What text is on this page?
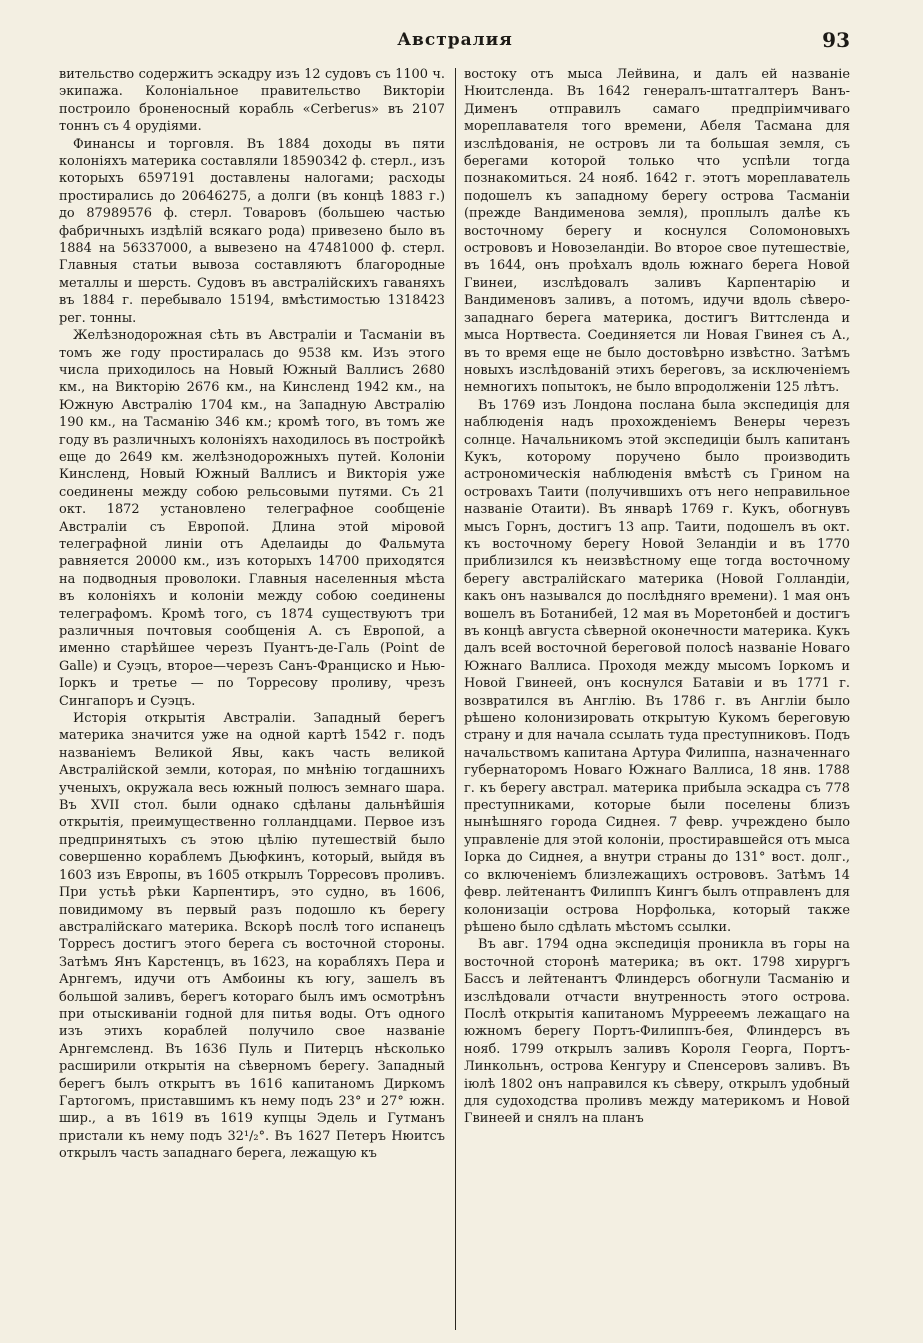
Австралия	93

вительство содержитъ эскадру изъ 12 судовъ съ 1100 ч. экипажа. Колоніальное правительство Викторіи построило броненосный корабль «Cerberus» въ 2107 тоннъ съ 4 орудіями.

Финансы и торговля. Въ 1884 доходы въ пяти колоніяхъ материка составляли 18590342 ф. стерл., изъ которыхъ 6597191 доставлены налогами; расходы простирались до 20646275, а долги (въ концѣ 1883 г.) до 87989576 ф. стерл. Товаровъ (большею частью фабричныхъ издѣлій всякаго рода) привезено было въ 1884 на 56337000, а вывезено на 47481000 ф. стерл. Главныя статьи вывоза составляютъ благородные металлы и шерсть. Судовъ въ австралійскихъ гаваняхъ въ 1884 г. перебывало 15194, вмѣстимостью 1318423 рег. тонны.

Желѣзнодорожная сѣть въ Австраліи и Тасманіи въ томъ же году простиралась до 9538 км. Изъ этого числа приходилось на Новый Южный Валлисъ 2680 км., на Викторію 2676 км., на Кинсленд 1942 км., на Южную Австралію 1704 км., на Западную Австралію 190 км., на Тасманію 346 км.; кромѣ того, въ томъ же году въ различныхъ колоніяхъ находилось въ постройкѣ еще до 2649 км. желѣзнодорожныхъ путей. Колоніи Кинсленд, Новый Южный Валлисъ и Викторія уже соединены между собою рельсовыми путями. Съ 21 окт. 1872 установлено телеграфное сообщеніе Австраліи съ Европой. Длина этой міровой телеграфной линіи отъ Аделаиды до Фальмута равняется 20000 км., изъ которыхъ 14700 приходятся на подводныя проволоки. Главныя населенныя мѣста въ колоніяхъ и колоніи между собою соединены телеграфомъ. Кромѣ того, съ 1874 существуютъ три различныя почтовыя сообщенія А. съ Европой, а именно старѣйшее черезъ Пуантъ-де-Галь (Point de Galle) и Суэцъ, второе—черезъ Санъ-Франциско и Нью-Іоркъ и третье — по Торресову проливу, чрезъ Сингапоръ и Суэцъ.

Исторія открытія Австраліи. Западный берегъ материка значится уже на одной картѣ 1542 г. подъ названіемъ Великой Явы, какъ часть великой Австралійской земли, которая, по мнѣнію тогдашнихъ ученыхъ, окружала весь южный полюсъ земнаго шара. Въ XVII стол. были однако сдѣланы дальнѣйшія открытія, преимущественно голландцами. Первое изъ предпринятыхъ съ этою цѣлію путешествій было совершенно кораблемъ Дьюфкинъ, который, выйдя въ 1603 изъ Европы, въ 1605 открылъ Торресовъ проливъ. При устьѣ рѣки Карпентиръ, это судно, въ 1606, повидимому въ первый разъ подошло къ берегу австралійскаго материка. Вскорѣ послѣ того испанецъ Торресъ достигъ этого берега съ восточной стороны. Затѣмъ Янъ Карстенцъ, въ 1623, на корабляхъ Пера и Арнгемъ, идучи отъ Амбоины къ югу, зашелъ въ большой заливъ, берегъ котораго былъ имъ осмотрѣнъ при отыскиваніи годной для питья воды. Отъ одного изъ этихъ кораблей получило свое названіе Арнгемсленд. Въ 1636 Пуль и Питерцъ нѣсколько расширили открытія на сѣверномъ берегу. Западный берегъ былъ открытъ въ 1616 капитаномъ Диркомъ Гартогомъ, приставшимъ къ нему подъ 23° и 27° южн. шир., а въ 1619 въ 1619 купцы Эдель и Гутманъ пристали къ нему подъ 32¹/₂°. Въ 1627 Петеръ Нюитсъ открылъ часть западнаго берега, лежащую къ

востоку отъ мыса Лейвина, и далъ ей названіе Нюитсленда. Въ 1642 генералъ-штатгалтеръ Ванъ-Дименъ отправилъ самаго предпріимчиваго мореплавателя того времени, Абеля Тасмана для изслѣдованія, не островъ ли та большая земля, съ берегами которой только что успѣли тогда познакомиться. 24 нояб. 1642 г. этотъ мореплаватель подошелъ къ западному берегу острова Тасманіи (прежде Вандименова земля), проплылъ далѣе къ восточному берегу и коснулся Соломоновыхъ острововъ и Новозеландіи. Во второе свое путешествіе, въ 1644, онъ проѣхалъ вдоль южнаго берега Новой Гвинеи, изслѣдовалъ заливъ Карпентарію и Вандименовъ заливъ, а потомъ, идучи вдоль сѣверо-западнаго берега материка, достигъ Виттсленда и мыса Нортвеста. Соединяется ли Новая Гвинея съ А., въ то время еще не было достовѣрно извѣстно. Затѣмъ новыхъ изслѣдованій этихъ береговъ, за исключеніемъ немногихъ попытокъ, не было впродолженіи 125 лѣтъ.

Въ 1769 изъ Лондона послана была экспедиція для наблюденія надъ прохожденіемъ Венеры черезъ солнце. Начальникомъ этой экспедиціи былъ капитанъ Кукъ, которому поручено было производить астрономическія наблюденія вмѣстѣ съ Грином на островахъ Таити (получившихъ отъ него неправильное названіе Отаити). Въ январѣ 1769 г. Кукъ, обогнувъ мысъ Горнъ, достигъ 13 апр. Таити, подошелъ въ окт. къ восточному берегу Новой Зеландіи и въ 1770 приблизился къ неизвѣстному еще тогда восточному берегу австралійскаго материка (Новой Голландіи, какъ онъ назывался до послѣдняго времени). 1 мая онъ вошелъ въ Ботанибей, 12 мая въ Моретонбей и достигъ въ концѣ августа сѣверной оконечности материка. Кукъ далъ всей восточной береговой полосѣ названіе Новаго Южнаго Валлиса. Проходя между мысомъ Іоркомъ и Новой Гвинеей, онъ коснулся Батавіи и въ 1771 г. возвратился въ Англію. Въ 1786 г. въ Англіи было рѣшено колонизировать открытую Кукомъ береговую страну и для начала ссылать туда преступниковъ. Подъ начальствомъ капитана Артура Филиппа, назначеннаго губернаторомъ Новаго Южнаго Валлиса, 18 янв. 1788 г. къ берегу австрал. материка прибыла эскадра съ 778 преступниками, которые были поселены близъ нынѣшняго города Сиднея. 7 февр. учреждено было управленіе для этой колоніи, простиравшейся отъ мыса Іорка до Сиднея, а внутри страны до 131° вост. долг., со включеніемъ близлежащихъ острововъ. Затѣмъ 14 февр. лейтенантъ Филиппъ Кингъ былъ отправленъ для колонизаціи острова Норфолька, который также рѣшено было сдѣлать мѣстомъ ссылки.

Въ авг. 1794 одна экспедиція проникла въ горы на восточной сторонѣ материка; въ окт. 1798 хирургъ Бассъ и лейтенантъ Флиндерсъ обогнули Тасманію и изслѣдовали отчасти внутренность этого острова. Послѣ открытія капитаномъ Муррееемъ лежащаго на южномъ берегу Портъ-Филиппъ-бея, Флиндерсъ въ нояб. 1799 открылъ заливъ Короля Георга, Портъ-Линкольнъ, острова Кенгуру и Спенсеровъ заливъ. Въ іюлѣ 1802 онъ направился къ сѣверу, открылъ удобный для судоходства проливъ между материкомъ и Новой Гвинеей и снялъ на планъ
